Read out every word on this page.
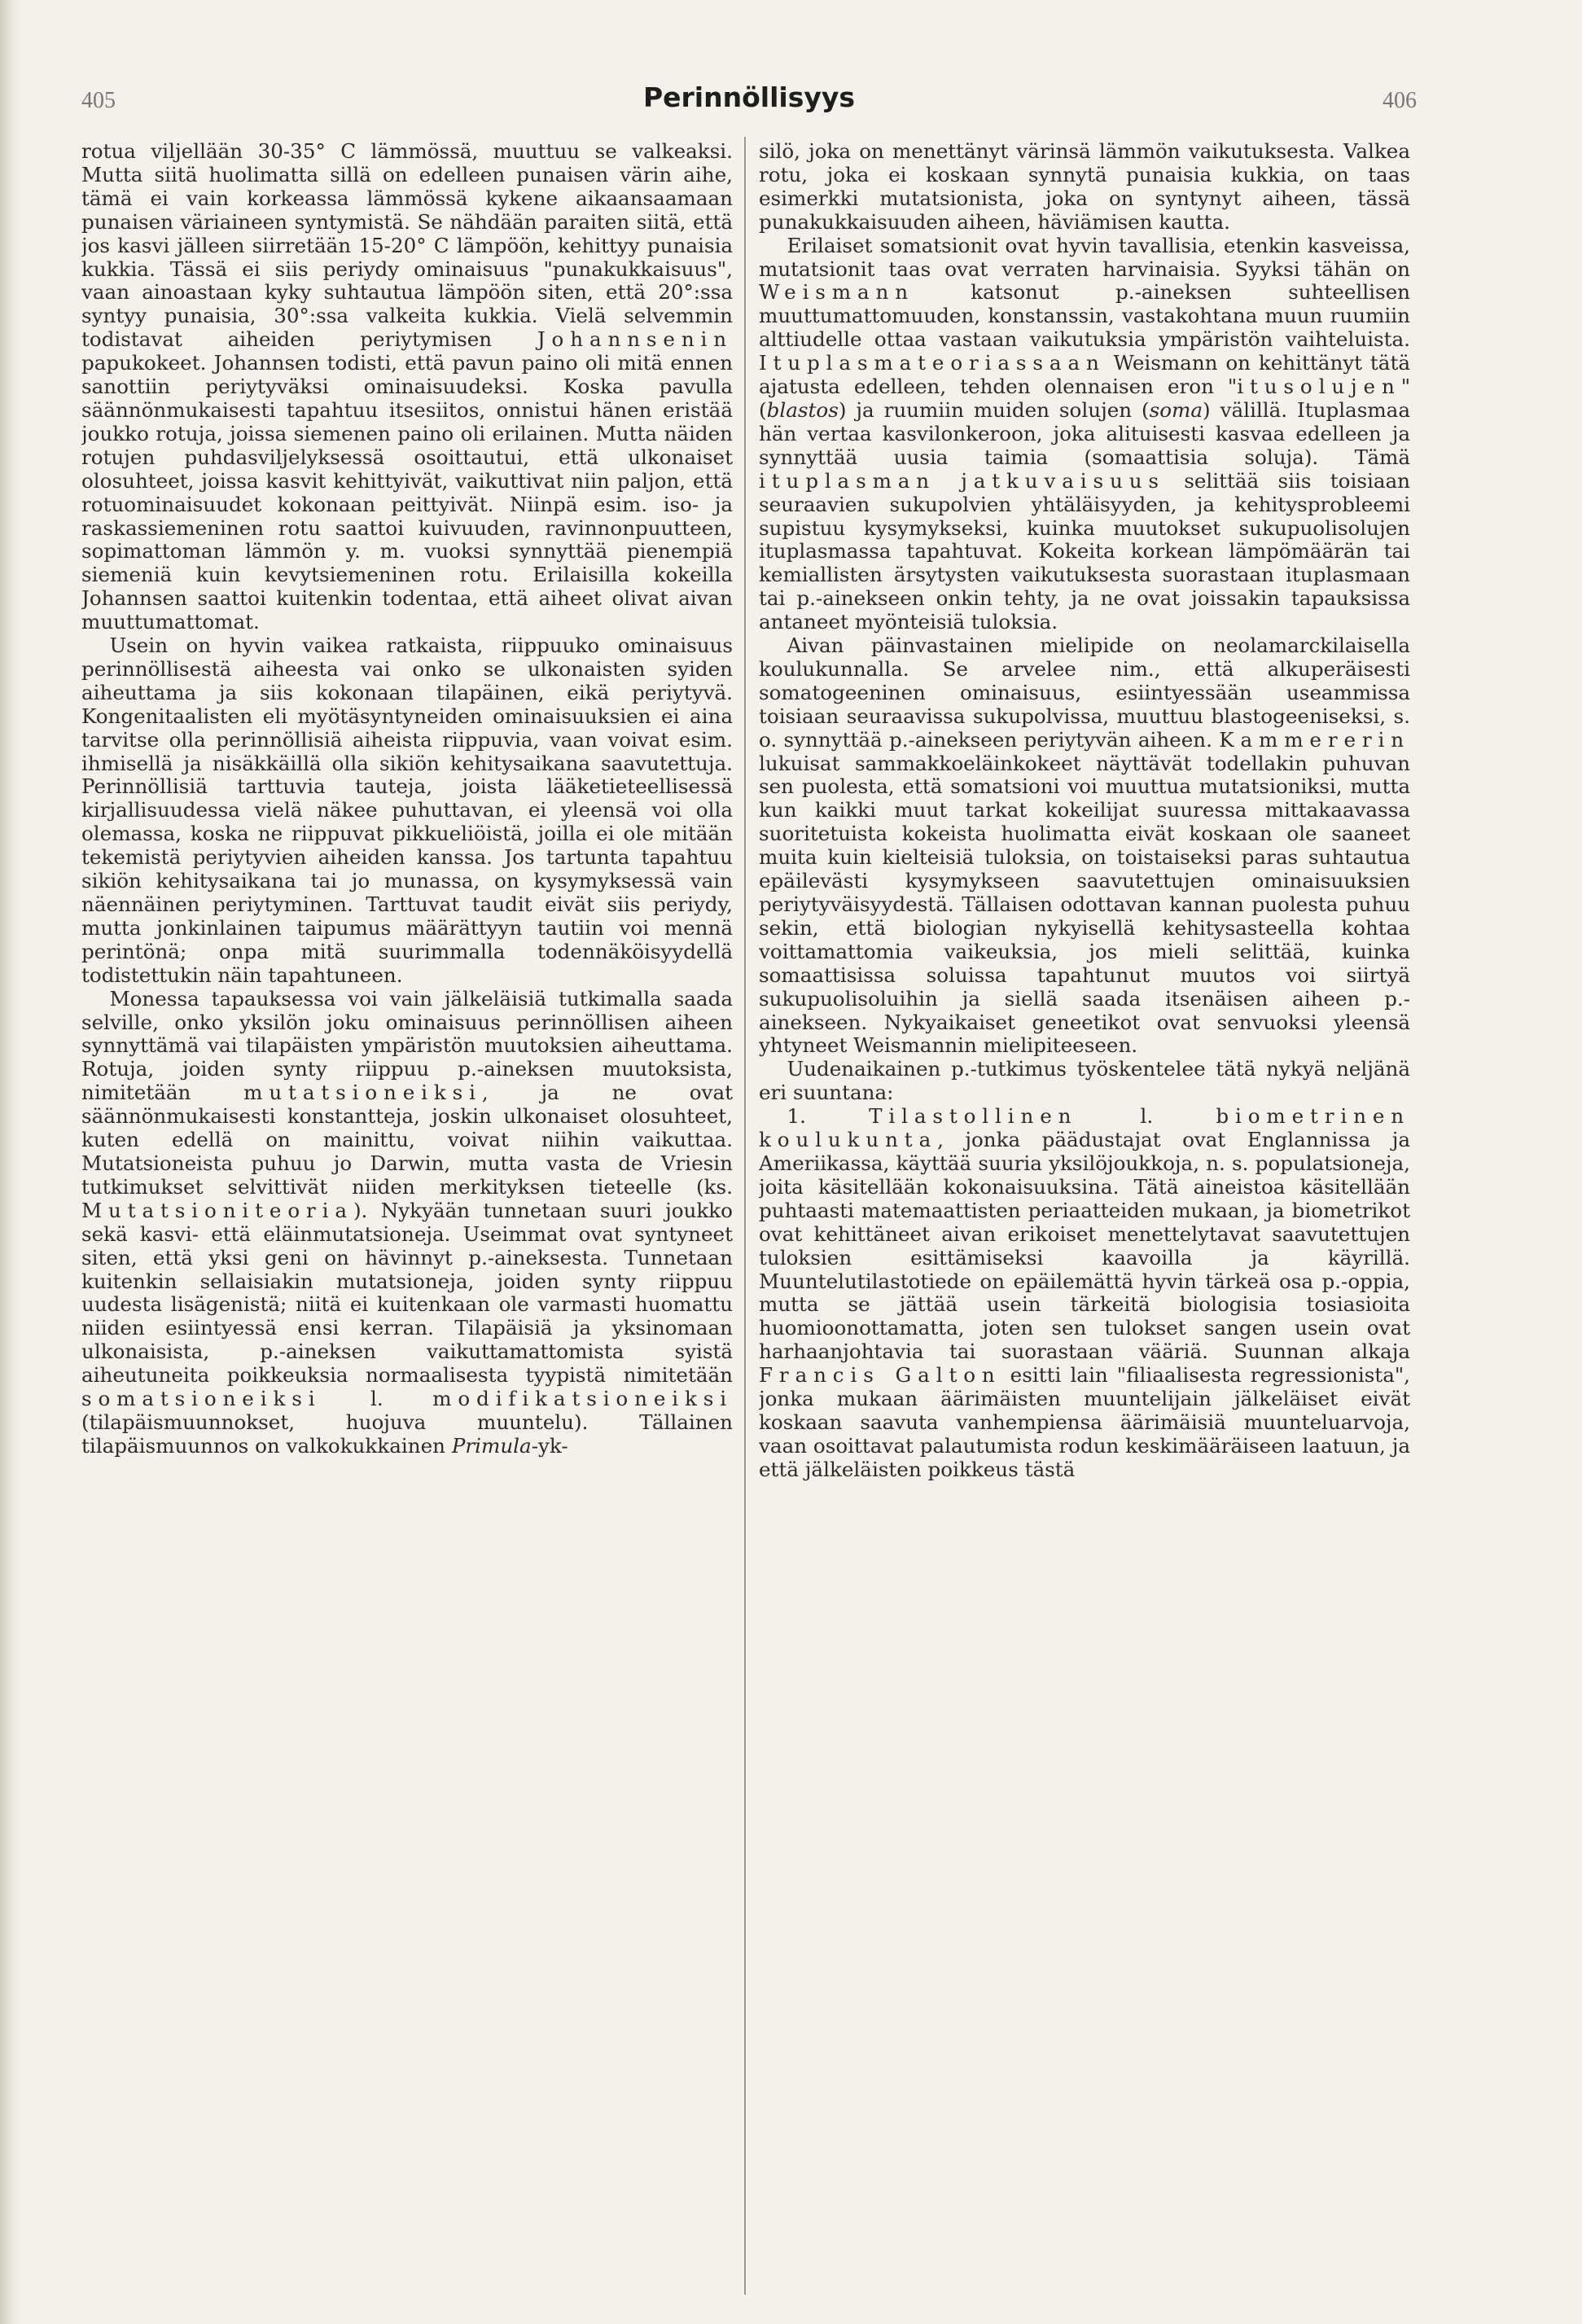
405	Perinnöllisyys	406

rotua viljellään 30-35° C lämmössä, muuttuu se valkeaksi. Mutta siitä huolimatta sillä on edelleen punaisen värin aihe, tämä ei vain korkeassa lämmössä kykene aikaansaamaan punaisen väriaineen syntymistä. Se nähdään paraiten siitä, että jos kasvi jälleen siirretään 15-20° C lämpöön, kehittyy punaisia kukkia. Tässä ei siis periydy ominaisuus "punakukkaisuus", vaan ainoastaan kyky suhtautua lämpöön siten, että 20°:ssa syntyy punaisia, 30°:ssa valkeita kukkia. Vielä selvemmin todistavat aiheiden periytymisen Johannsenin papukokeet. Johannsen todisti, että pavun paino oli mitä ennen sanottiin periytyväksi ominaisuudeksi. Koska pavulla säännönmukaisesti tapahtuu itsesiitos, onnistui hänen eristää joukko rotuja, joissa siemenen paino oli erilainen. Mutta näiden rotujen puhdasviljelyksessä osoittautui, että ulkonaiset olosuhteet, joissa kasvit kehittyivät, vaikuttivat niin paljon, että rotuominaisuudet kokonaan peittyivät. Niinpä esim. iso- ja raskassiemeninen rotu saattoi kuivuuden, ravinnonpuutteen, sopimattoman lämmön y. m. vuoksi synnyttää pienempiä siemeniä kuin kevytsiemeninen rotu. Erilaisilla kokeilla Johannsen saattoi kuitenkin todentaa, että aiheet olivat aivan muuttumattomat.

Usein on hyvin vaikea ratkaista, riippuuko ominaisuus perinnöllisestä aiheesta vai onko se ulkonaisten syiden aiheuttama ja siis kokonaan tilapäinen, eikä periytyvä. Kongenitaalisten eli myötäsyntyneiden ominaisuuksien ei aina tarvitse olla perinnöllisiä aiheista riippuvia, vaan voivat esim. ihmisellä ja nisäkkäillä olla sikiön kehitysaikana saavutettuja. Perinnöllisiä tarttuvia tauteja, joista lääketieteellisessä kirjallisuudessa vielä näkee puhuttavan, ei yleensä voi olla olemassa, koska ne riippuvat pikkueliöistä, joilla ei ole mitään tekemistä periytyvien aiheiden kanssa. Jos tartunta tapahtuu sikiön kehitysaikana tai jo munassa, on kysymyksessä vain näennäinen periytyminen. Tarttuvat taudit eivät siis periydy, mutta jonkinlainen taipumus määrättyyn tautiin voi mennä perintönä; onpa mitä suurimmalla todennäköisyydellä todistettukin näin tapahtuneen.

Monessa tapauksessa voi vain jälkeläisiä tutkimalla saada selville, onko yksilön joku ominaisuus perinnöllisen aiheen synnyttämä vai tilapäisten ympäristön muutoksien aiheuttama. Rotuja, joiden synty riippuu p.-aineksen muutoksista, nimitetään mutatsioneiksi, ja ne ovat säännönmukaisesti konstantteja, joskin ulkonaiset olosuhteet, kuten edellä on mainittu, voivat niihin vaikuttaa. Mutatsioneista puhuu jo Darwin, mutta vasta de Vriesin tutkimukset selvittivät niiden merkityksen tieteelle (ks. Mutatsioniteoria). Nykyään tunnetaan suuri joukko sekä kasvi- että eläinmutatsioneja. Useimmat ovat syntyneet siten, että yksi geni on hävinnyt p.-aineksesta. Tunnetaan kuitenkin sellaisiakin mutatsioneja, joiden synty riippuu uudesta lisägenistä; niitä ei kuitenkaan ole varmasti huomattu niiden esiintyessä ensi kerran. Tilapäisiä ja yksinomaan ulkonaisista, p.-aineksen vaikuttamattomista syistä aiheutuneita poikkeuksia normaalisesta tyypistä nimitetään somatsioneiksi l. modifikatsioneiksi (tilapäismuunnokset, huojuva muuntelu). Tällainen tilapäismuunnos on valkokukkainen Primula-yk-

silö, joka on menettänyt värinsä lämmön vaikutuksesta. Valkea rotu, joka ei koskaan synnytä punaisia kukkia, on taas esimerkki mutatsionista, joka on syntynyt aiheen, tässä punakukkaisuuden aiheen, häviämisen kautta.

Erilaiset somatsionit ovat hyvin tavallisia, etenkin kasveissa, mutatsionit taas ovat verraten harvinaisia. Syyksi tähän on Weismann katsonut p.-aineksen suhteellisen muuttumattomuuden, konstanssin, vastakohtana muun ruumiin alttiudelle ottaa vastaan vaikutuksia ympäristön vaihteluista. Ituplasmateoriassaan Weismann on kehittänyt tätä ajatusta edelleen, tehden olennaisen eron "itusolujen" (blastos) ja ruumiin muiden solujen (soma) välillä. Ituplasmaa hän vertaa kasvilonkeroon, joka alituisesti kasvaa edelleen ja synnyttää uusia taimia (somaattisia soluja). Tämä ituplasman jatkuvaisuus selittää siis toisiaan seuraavien sukupolvien yhtäläisyyden, ja kehitysprobleemi supistuu kysymykseksi, kuinka muutokset sukupuolisolujen ituplasmassa tapahtuvat. Kokeita korkean lämpömäärän tai kemiallisten ärsytysten vaikutuksesta suorastaan ituplasmaan tai p.-ainekseen onkin tehty, ja ne ovat joissakin tapauksissa antaneet myönteisiä tuloksia.

Aivan päinvastainen mielipide on neolamarckilaisella koulukunnalla. Se arvelee nim., että alkuperäisesti somatogeeninen ominaisuus, esiintyessään useammissa toisiaan seuraavissa sukupolvissa, muuttuu blastogeeniseksi, s. o. synnyttää p.-ainekseen periytyvän aiheen. Kammererin lukuisat sammakkoeläinkokeet näyttävät todellakin puhuvan sen puolesta, että somatsioni voi muuttua mutatsioniksi, mutta kun kaikki muut tarkat kokeilijat suuressa mittakaavassa suoritetuista kokeista huolimatta eivät koskaan ole saaneet muita kuin kielteisiä tuloksia, on toistaiseksi paras suhtautua epäilevästi kysymykseen saavutettujen ominaisuuksien periytyväisyydestä. Tällaisen odottavan kannan puolesta puhuu sekin, että biologian nykyisellä kehitysasteella kohtaa voittamattomia vaikeuksia, jos mieli selittää, kuinka somaattisissa soluissa tapahtunut muutos voi siirtyä sukupuolisoluihin ja siellä saada itsenäisen aiheen p.-ainekseen. Nykyaikaiset geneetikot ovat senvuoksi yleensä yhtyneet Weismannin mielipiteeseen.

Uudenaikainen p.-tutkimus työskentelee tätä nykyä neljänä eri suuntana:

1. Tilastollinen l. biometrinen koulukunta, jonka päädustajat ovat Englannissa ja Ameriikassa, käyttää suuria yksilöjoukkoja, n. s. populatsioneja, joita käsitellään kokonaisuuksina. Tätä aineistoa käsitellään puhtaasti matemaattisten periaatteiden mukaan, ja biometrikot ovat kehittäneet aivan erikoiset menettelytavat saavutettujen tuloksien esittämiseksi kaavoilla ja käyrillä. Muuntelutilastotiede on epäilemättä hyvin tärkeä osa p.-oppia, mutta se jättää usein tärkeitä biologisia tosiasioita huomioonottamatta, joten sen tulokset sangen usein ovat harhaanjohtavia tai suorastaan vääriä. Suunnan alkaja Francis Galton esitti lain "filiaalisesta regressionista", jonka mukaan äärimäisten muuntelijain jälkeläiset eivät koskaan saavuta vanhempiensa äärimäisiä muunteluarvoja, vaan osoittavat palautumista rodun keskimääräiseen laatuun, ja että jälkeläisten poikkeus tästä
